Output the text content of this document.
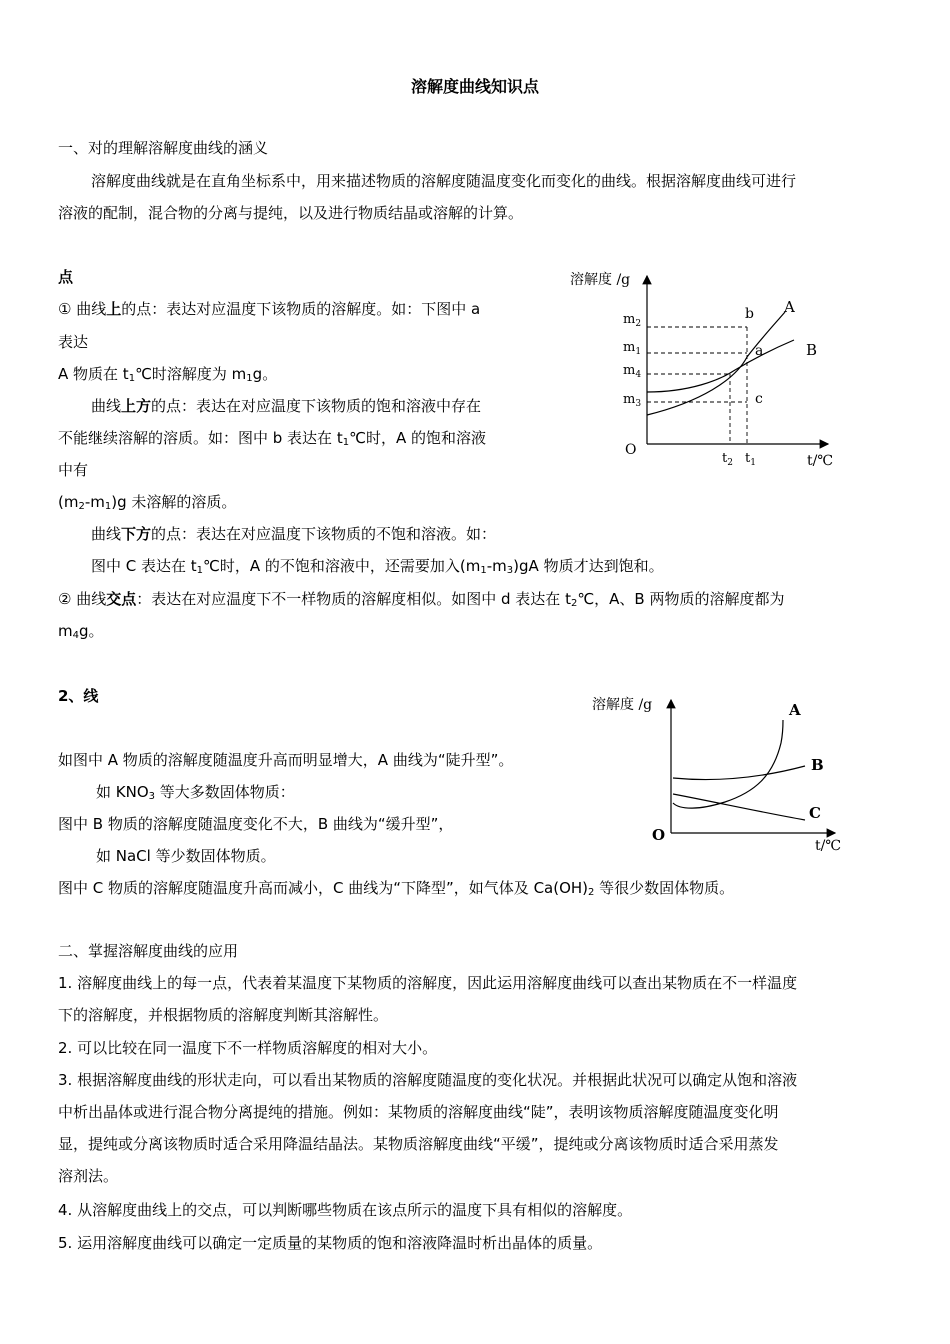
溶解度曲线知识点
一、对的理解溶解度曲线的涵义
溶解度曲线就是在直角坐标系中，用来描述物质的溶解度随温度变化而变化的曲线。根据溶解度曲线可进行
溶液的配制，混合物的分离与提纯，以及进行物质结晶或溶解的计算。
点
① 曲线上的点：表达对应温度下该物质的溶解度。如：下图中 a
表达
A 物质在 $t_1℃$时溶解度为 $m_1g$。
曲线上方的点：表达在对应温度下该物质的饱和溶液中存在
不能继续溶解的溶质。如：图中 b 表达在 $t_1℃$时，A 的饱和溶液
中有
$(m_2-m_1)g$ 未溶解的溶质。
曲线下方的点：表达在对应温度下该物质的不饱和溶液。如：
图中 C 表达在 $t_1℃$时，A 的不饱和溶液中，还需要加入$(m_1-m_3)gA$ 物质才达到饱和。
② 曲线交点：表达在对应温度下不一样物质的溶解度相似。如图中 d 表达在 $t_2℃$，A、B 两物质的溶解度都为
$m_4g$。
溶解度 /g
O
t/℃
$m_2$
$m_1$
$m_4$
$m_3$
$t_2$ $t_1$
A
B
a
b
c
2、线
如图中 A 物质的溶解度随温度升高而明显增大，A 曲线为“陡升型”。
如 $KNO_3$ 等大多数固体物质：
图中 B 物质的溶解度随温度变化不大，B 曲线为“缓升型”，
如 NaCl 等少数固体物质。
图中 C 物质的溶解度随温度升高而减小，C 曲线为“下降型”，如气体及 $Ca(OH)_2$ 等很少数固体物质。
溶解度 /g
O
t/℃
A
B
C
二、掌握溶解度曲线的应用
1. 溶解度曲线上的每一点，代表着某温度下某物质的溶解度，因此运用溶解度曲线可以查出某物质在不一样温度
下的溶解度，并根据物质的溶解度判断其溶解性。
2. 可以比较在同一温度下不一样物质溶解度的相对大小。
3. 根据溶解度曲线的形状走向，可以看出某物质的溶解度随温度的变化状况。并根据此状况可以确定从饱和溶液
中析出晶体或进行混合物分离提纯的措施。例如：某物质的溶解度曲线“陡”，表明该物质溶解度随温度变化明
显，提纯或分离该物质时适合采用降温结晶法。某物质溶解度曲线“平缓”，提纯或分离该物质时适合采用蒸发
溶剂法。
4. 从溶解度曲线上的交点，可以判断哪些物质在该点所示的温度下具有相似的溶解度。
5. 运用溶解度曲线可以确定一定质量的某物质的饱和溶液降温时析出晶体的质量。
